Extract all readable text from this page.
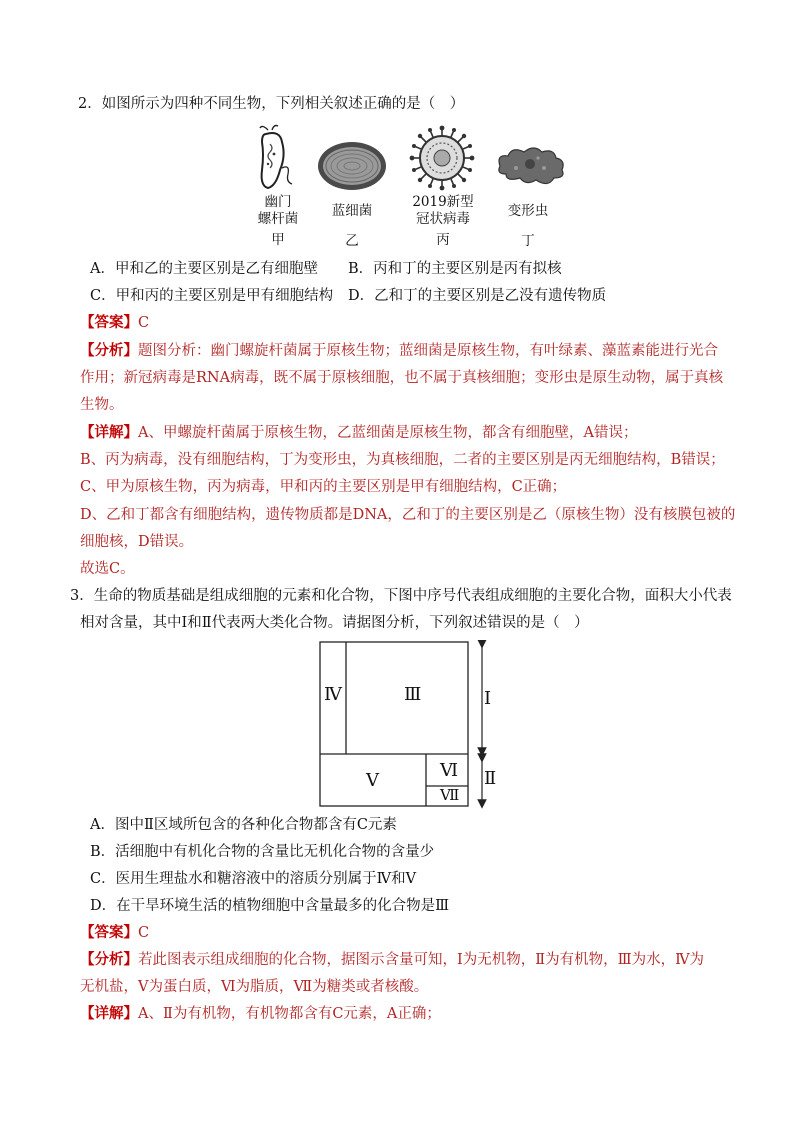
2．如图所示为四种不同生物，下列相关叙述正确的是（　）
幽门
螺杆菌
甲
蓝细菌
乙
2019新型
冠状病毒
丙
变形虫
丁
A．甲和乙的主要区别是乙有细胞壁 B．丙和丁的主要区别是丙有拟核
C．甲和丙的主要区别是甲有细胞结构 D．乙和丁的主要区别是乙没有遗传物质
【答案】C
【分析】题图分析：幽门螺旋杆菌属于原核生物；蓝细菌是原核生物，有叶绿素、藻蓝素能进行光合
作用；新冠病毒是RNA病毒，既不属于原核细胞，也不属于真核细胞；变形虫是原生动物，属于真核
生物。
【详解】A、甲螺旋杆菌属于原核生物，乙蓝细菌是原核生物，都含有细胞壁，A错误；
B、丙为病毒，没有细胞结构，丁为变形虫，为真核细胞，二者的主要区别是丙无细胞结构，B错误；
C、甲为原核生物，丙为病毒，甲和丙的主要区别是甲有细胞结构，C正确；
D、乙和丁都含有细胞结构，遗传物质都是DNA，乙和丁的主要区别是乙（原核生物）没有核膜包被的
细胞核，D错误。
故选C。
3．生命的物质基础是组成细胞的元素和化合物，下图中序号代表组成细胞的主要化合物，面积大小代表
相对含量，其中Ⅰ和Ⅱ代表两大类化合物。请据图分析，下列叙述错误的是（　）
Ⅳ	Ⅲ	Ⅰ
Ⅴ	Ⅵ
Ⅶ
Ⅱ
A．图中Ⅱ区域所包含的各种化合物都含有C元素
B．活细胞中有机化合物的含量比无机化合物的含量少
C．医用生理盐水和糖溶液中的溶质分别属于Ⅳ和Ⅴ
D．在干旱环境生活的植物细胞中含量最多的化合物是Ⅲ
【答案】C
【分析】若此图表示组成细胞的化合物，据图示含量可知，Ⅰ为无机物，Ⅱ为有机物，Ⅲ为水，Ⅳ为
无机盐，Ⅴ为蛋白质，Ⅵ为脂质，Ⅶ为糖类或者核酸。
【详解】A、Ⅱ为有机物，有机物都含有C元素，A正确；
